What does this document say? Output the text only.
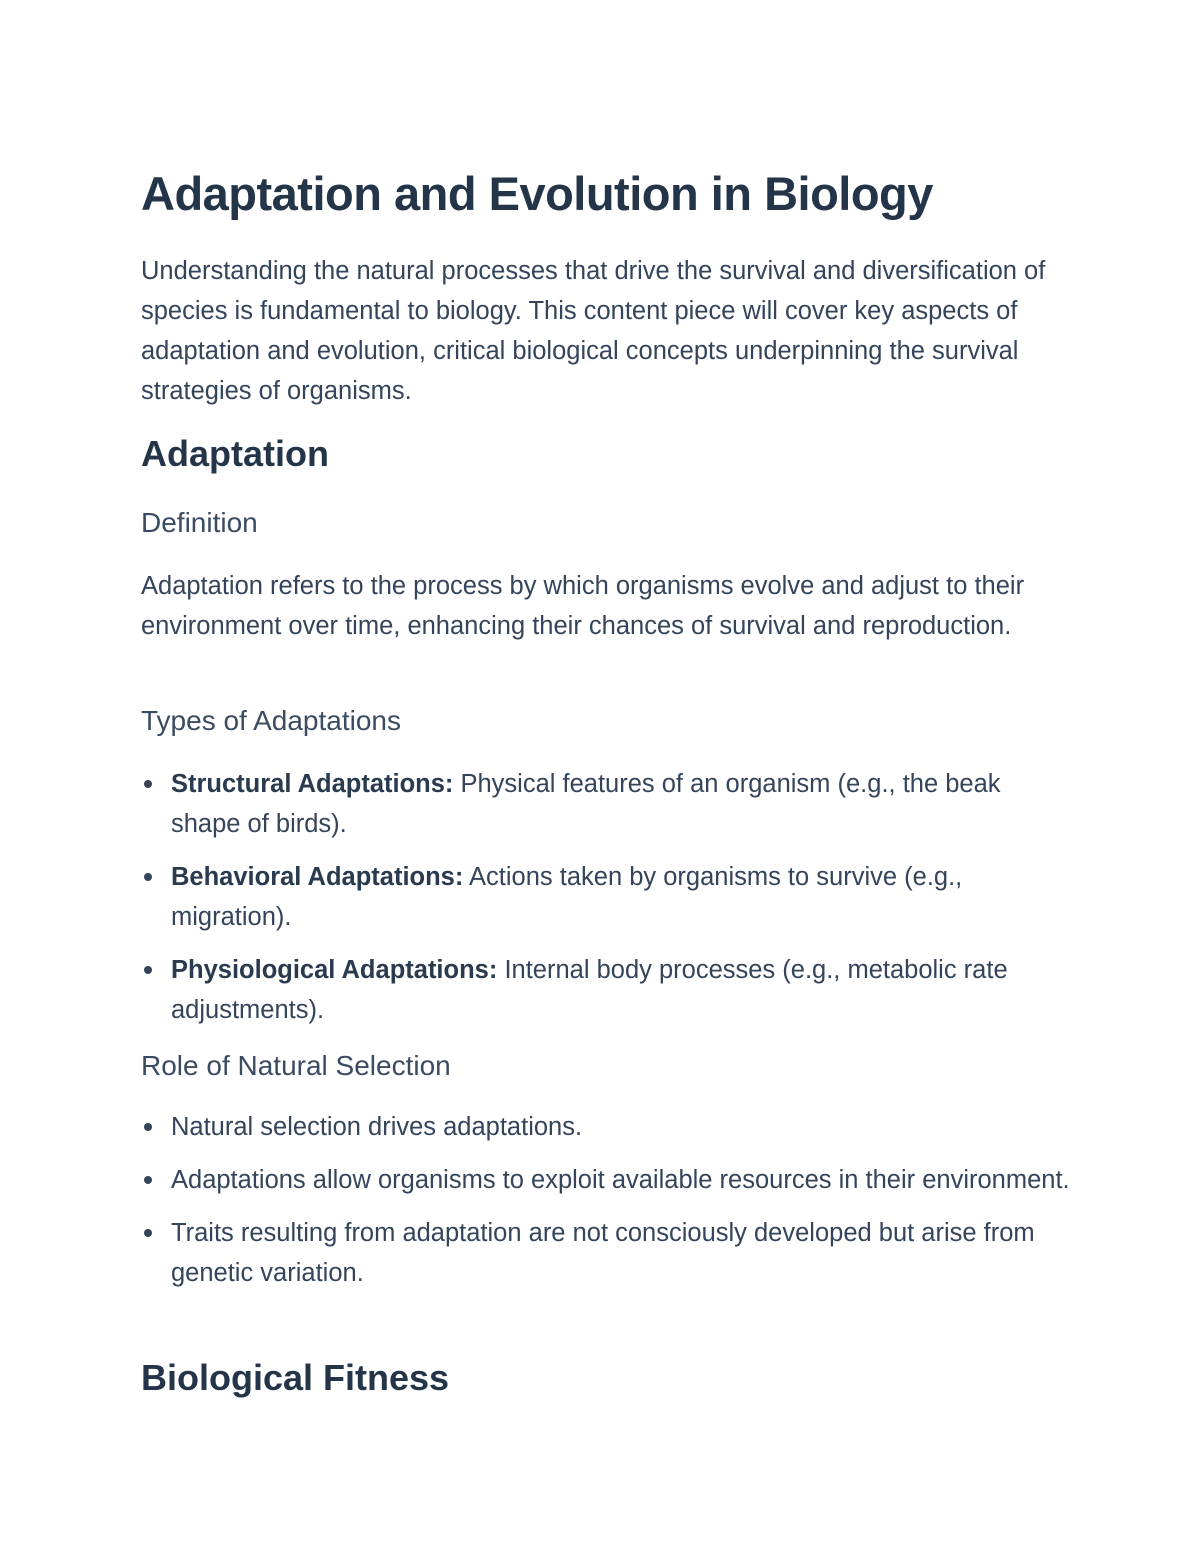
Adaptation and Evolution in Biology

Understanding the natural processes that drive the survival and diversification of species is fundamental to biology. This content piece will cover key aspects of adaptation and evolution, critical biological concepts underpinning the survival strategies of organisms.

Adaptation
Definition

Adaptation refers to the process by which organisms evolve and adjust to their environment over time, enhancing their chances of survival and reproduction.

Types of Adaptations
Structural Adaptations: Physical features of an organism (e.g., the beak shape of birds).
Behavioral Adaptations: Actions taken by organisms to survive (e.g., migration).
Physiological Adaptations: Internal body processes (e.g., metabolic rate adjustments).
Role of Natural Selection
Natural selection drives adaptations.
Adaptations allow organisms to exploit available resources in their environment.
Traits resulting from adaptation are not consciously developed but arise from genetic variation.
Biological Fitness
